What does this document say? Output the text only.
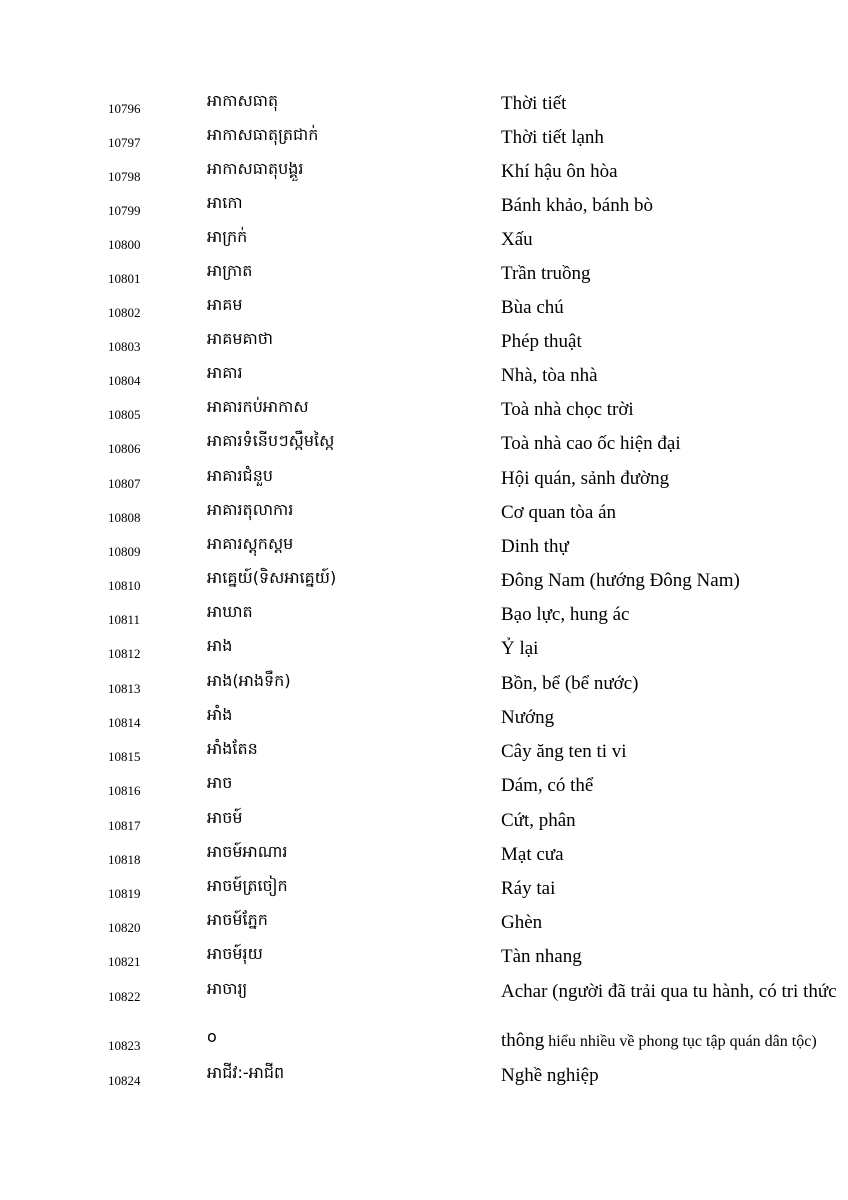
10796	អាកាសធាតុ	Thời tiết
10797	អាកាសធាតុត្រជាក់	Thời tiết lạnh
10798	អាកាសធាតុបង្គួរ	Khí hậu ôn hòa
10799	អាកោ	Bánh khảo, bánh bò
10800	អាក្រក់	Xấu
10801	អាក្រាត	Trần truồng
10802	អាគម	Bùa chú
10803	អាគមគាថា	Phép thuật
10804	អាគារ	Nhà, tòa nhà
10805	អាគារកប់អាកាស	Toà nhà chọc trời
10806	អាគារទំនើបៗស្កឹមស្កៃ	Toà nhà cao ốc hiện đại
10807	អាគារជំនួប	Hội quán, sảnh đường
10808	អាគារតុលាការ	Cơ quan tòa án
10809	អាគារស្តុកស្តម	Dinh thự
10810	អាគ្នេយ៍(ទិសអាគ្នេយ៍)	Đông Nam (hướng Đông Nam)
10811	អាឃាត	Bạo lực, hung ác
10812	អាង	Ỷ lại
10813	អាង(អាងទឹក)	Bồn, bể (bể nước)
10814	អាំង	Nướng
10815	អាំងតែន	Cây ăng ten ti vi
10816	អាច	Dám, có thể
10817	អាចម៍	Cứt, phân
10818	អាចម៍អាណារ	Mạt cưa
10819	អាចម៍ត្រចៀក	Ráy tai
10820	អាចម៍ភ្នែក	Ghèn
10821	អាចម៍រុយ	Tàn nhang
10822	អាចារ្យ	Achar (người đã trải qua tu hành, có tri thức
10823	o	thông hiểu nhiều về phong tục tập quán dân tộc)
10824	អាជីវ:-អាជីព	Nghề nghiệp
